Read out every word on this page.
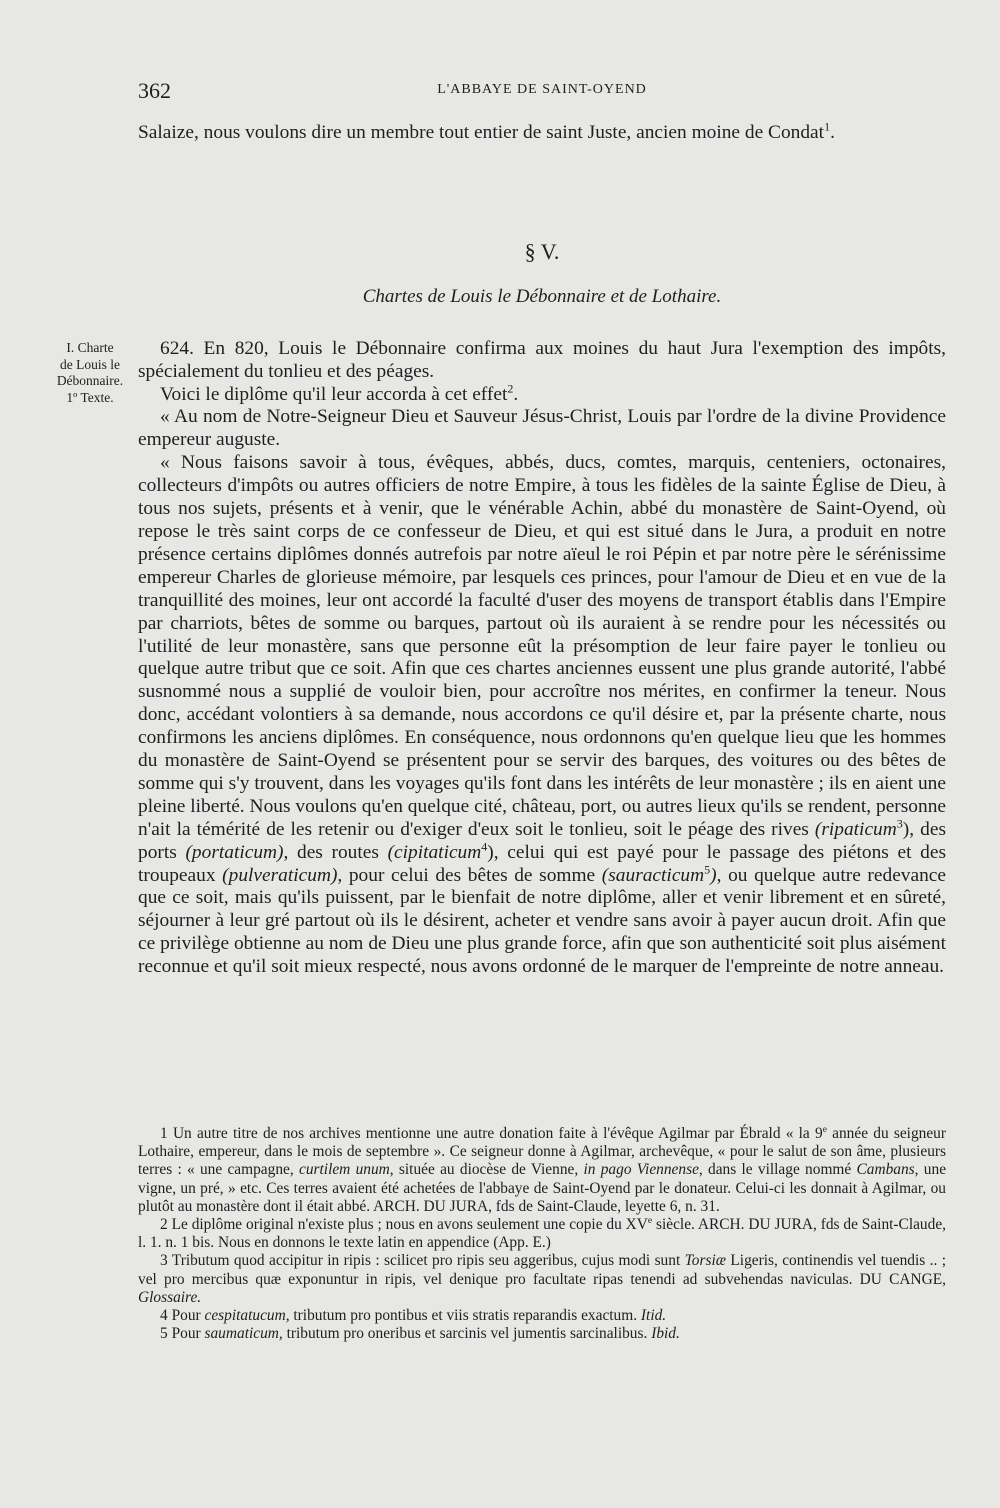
362	L'ABBAYE DE SAINT-OYEND
I. Charte
de Louis le
Débonnaire.
1º Texte.

Salaize, nous voulons dire un membre tout entier de saint Juste, ancien moine de Condat$^1$.

§ V.

Chartes de Louis le Débonnaire et de Lothaire.

624. En 820, Louis le Débonnaire confirma aux moines du haut Jura l'exemption des impôts, spécialement du tonlieu et des péages.

Voici le diplôme qu'il leur accorda à cet effet$^2$.

« Au nom de Notre-Seigneur Dieu et Sauveur Jésus-Christ, Louis par l'ordre de la divine Providence empereur auguste.

« Nous faisons savoir à tous, évêques, abbés, ducs, comtes, marquis, centeniers, octonaires, collecteurs d'impôts ou autres officiers de notre Empire, à tous les fidèles de la sainte Église de Dieu, à tous nos sujets, présents et à venir, que le vénérable Achin, abbé du monastère de Saint-Oyend, où repose le très saint corps de ce confesseur de Dieu, et qui est situé dans le Jura, a produit en notre présence certains diplômes donnés autrefois par notre aïeul le roi Pépin et par notre père le sérénissime empereur Charles de glorieuse mémoire, par lesquels ces princes, pour l'amour de Dieu et en vue de la tranquillité des moines, leur ont accordé la faculté d'user des moyens de transport établis dans l'Empire par charriots, bêtes de somme ou barques, partout où ils auraient à se rendre pour les nécessités ou l'utilité de leur monastère, sans que personne eût la présomption de leur faire payer le tonlieu ou quelque autre tribut que ce soit. Afin que ces chartes anciennes eussent une plus grande autorité, l'abbé susnommé nous a supplié de vouloir bien, pour accroître nos mérites, en confirmer la teneur. Nous donc, accédant volontiers à sa demande, nous accordons ce qu'il désire et, par la présente charte, nous confirmons les anciens diplômes. En conséquence, nous ordonnons qu'en quelque lieu que les hommes du monastère de Saint-Oyend se présentent pour se servir des barques, des voitures ou des bêtes de somme qui s'y trouvent, dans les voyages qu'ils font dans les intérêts de leur monastère ; ils en aient une pleine liberté. Nous voulons qu'en quelque cité, château, port, ou autres lieux qu'ils se rendent, personne n'ait la témérité de les retenir ou d'exiger d'eux soit le tonlieu, soit le péage des rives (ripaticum$^3$), des ports (portaticum), des routes (cipitaticum$^4$), celui qui est payé pour le passage des piétons et des troupeaux (pulveraticum), pour celui des bêtes de somme (sauracticum$^5$), ou quelque autre redevance que ce soit, mais qu'ils puissent, par le bienfait de notre diplôme, aller et venir librement et en sûreté, séjourner à leur gré partout où ils le désirent, acheter et vendre sans avoir à payer aucun droit. Afin que ce privilège obtienne au nom de Dieu une plus grande force, afin que son authenticité soit plus aisément reconnue et qu'il soit mieux respecté, nous avons ordonné de le marquer de l'empreinte de notre anneau.

1 Un autre titre de nos archives mentionne une autre donation faite à l'évêque Agilmar par Ébrald « la 9e année du seigneur Lothaire, empereur, dans le mois de septembre ». Ce seigneur donne à Agilmar, archevêque, « pour le salut de son âme, plusieurs terres : « une campagne, curtilem unum, située au diocèse de Vienne, in pago Viennense, dans le village nommé Cambans, une vigne, un pré, » etc. Ces terres avaient été achetées de l'abbaye de Saint-Oyend par le donateur. Celui-ci les donnait à Agilmar, ou plutôt au monastère dont il était abbé. ARCH. DU JURA, fds de Saint-Claude, leyette 6, n. 31.

2 Le diplôme original n'existe plus ; nous en avons seulement une copie du XVe siècle. ARCH. DU JURA, fds de Saint-Claude, l. 1. n. 1 bis. Nous en donnons le texte latin en appendice (App. E.)

3 Tributum quod accipitur in ripis : scilicet pro ripis seu aggeribus, cujus modi sunt Torsiæ Ligeris, continendis vel tuendis .. ; vel pro mercibus quæ exponuntur in ripis, vel denique pro facultate ripas tenendi ad subvehendas naviculas. DU CANGE, Glossaire.

4 Pour cespitatucum, tributum pro pontibus et viis stratis reparandis exactum. Itid.

5 Pour saumaticum, tributum pro oneribus et sarcinis vel jumentis sarcinalibus. Ibid.
